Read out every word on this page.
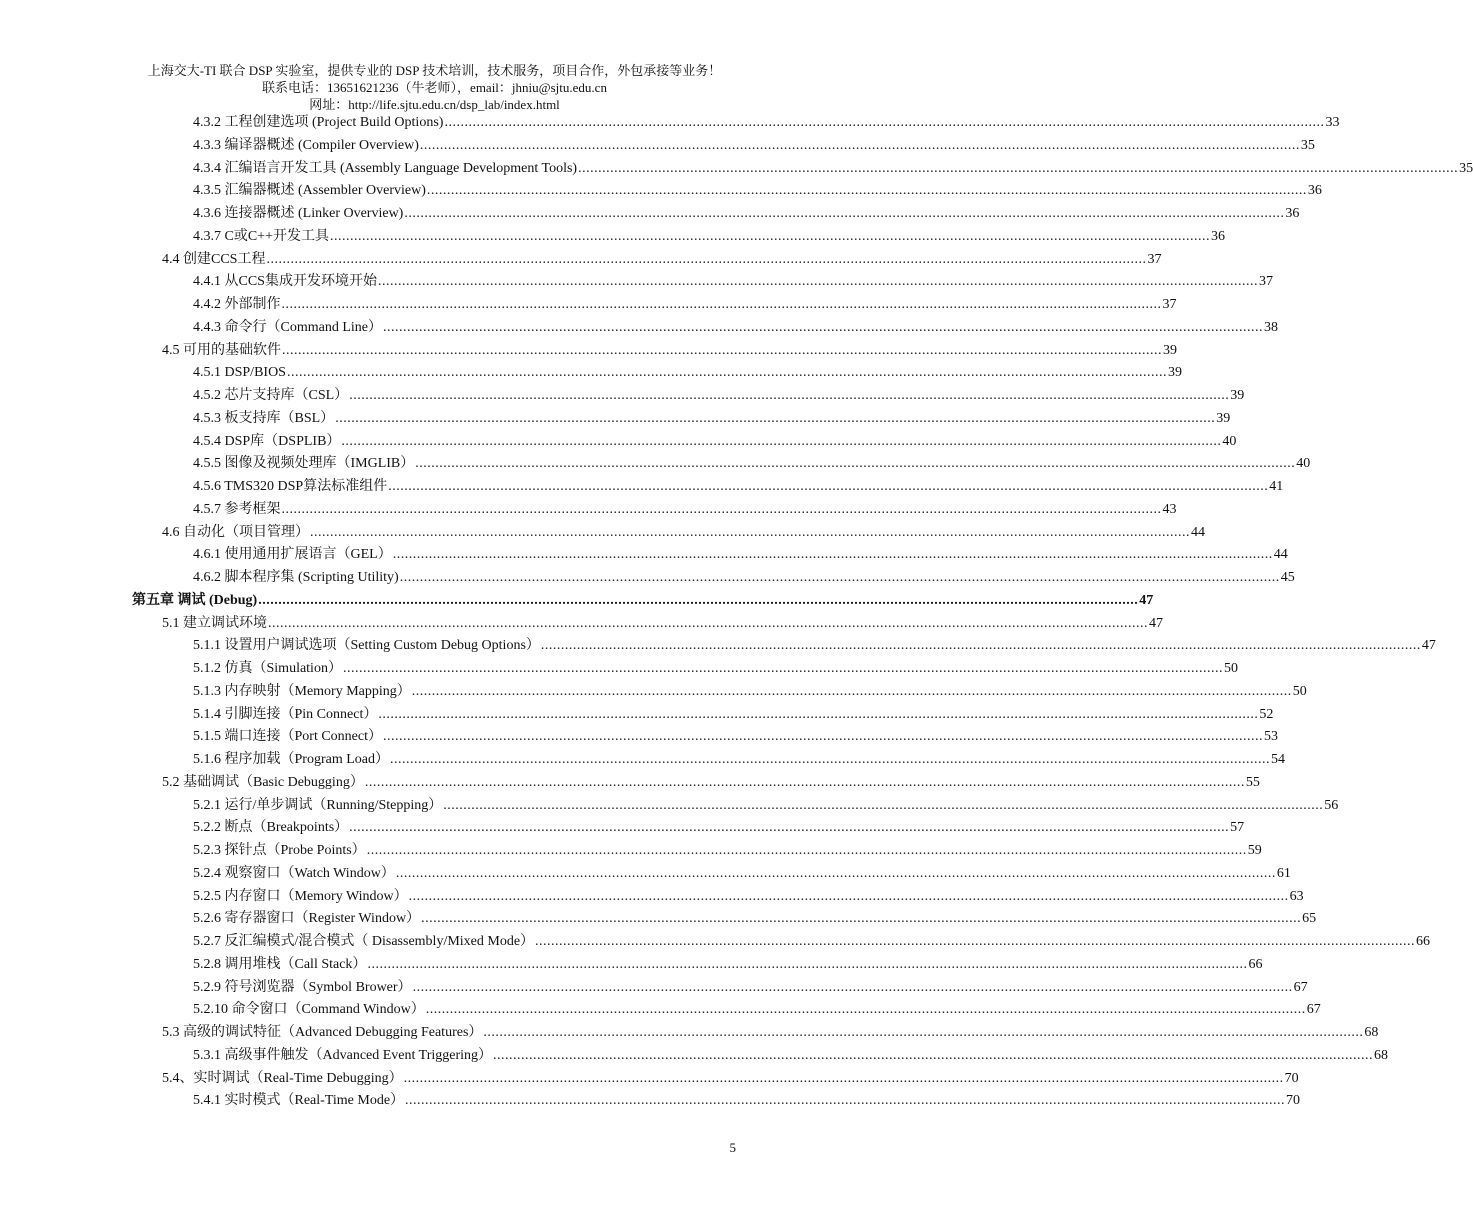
上海交大-TI 联合 DSP 实验室，提供专业的 DSP 技术培训，技术服务，项目合作，外包承接等业务！
联系电话：13651621236（牛老师），email：jhniu@sjtu.edu.cn
网址：http://life.sjtu.edu.cn/dsp_lab/index.html
4.3.2 工程创建选项 (Project Build Options) ............................................................................................................................................................................................................................ 33
4.3.3 编译器概述 (Compiler Overview) ............................................................................................................................................................................................................................ 35
4.3.4 汇编语言开发工具 (Assembly Language Development Tools) ............................................................................................................................................................................................................................ 35
4.3.5 汇编器概述 (Assembler Overview) ............................................................................................................................................................................................................................ 36
4.3.6 连接器概述 (Linker Overview) ............................................................................................................................................................................................................................ 36
4.3.7 C或C++开发工具 ............................................................................................................................................................................................................................ 36
4.4 创建CCS工程 ............................................................................................................................................................................................................................ 37
4.4.1 从CCS集成开发环境开始 ............................................................................................................................................................................................................................ 37
4.4.2 外部制作 ............................................................................................................................................................................................................................ 37
4.4.3 命令行（Command Line） ............................................................................................................................................................................................................................ 38
4.5 可用的基础软件 ............................................................................................................................................................................................................................ 39
4.5.1 DSP/BIOS ............................................................................................................................................................................................................................ 39
4.5.2 芯片支持库（CSL） ............................................................................................................................................................................................................................ 39
4.5.3 板支持库（BSL） ............................................................................................................................................................................................................................ 39
4.5.4 DSP库（DSPLIB） ............................................................................................................................................................................................................................ 40
4.5.5 图像及视频处理库（IMGLIB） ............................................................................................................................................................................................................................ 40
4.5.6 TMS320 DSP算法标准组件 ............................................................................................................................................................................................................................ 41
4.5.7 参考框架 ............................................................................................................................................................................................................................ 43
4.6 自动化（项目管理） ............................................................................................................................................................................................................................ 44
4.6.1 使用通用扩展语言（GEL） ............................................................................................................................................................................................................................ 44
4.6.2 脚本程序集 (Scripting Utility) ............................................................................................................................................................................................................................ 45
第五章 调试 (Debug) ............................................................................................................................................................................................................................ 47
5.1 建立调试环境 ............................................................................................................................................................................................................................ 47
5.1.1 设置用户调试选项（Setting Custom Debug Options） ............................................................................................................................................................................................................................ 47
5.1.2 仿真（Simulation） ............................................................................................................................................................................................................................ 50
5.1.3 内存映射（Memory Mapping） ............................................................................................................................................................................................................................ 50
5.1.4 引脚连接（Pin Connect） ............................................................................................................................................................................................................................ 52
5.1.5 端口连接（Port Connect） ............................................................................................................................................................................................................................ 53
5.1.6 程序加载（Program Load） ............................................................................................................................................................................................................................ 54
5.2 基础调试（Basic Debugging） ............................................................................................................................................................................................................................ 55
5.2.1 运行/单步调试（Running/Stepping） ............................................................................................................................................................................................................................ 56
5.2.2 断点（Breakpoints） ............................................................................................................................................................................................................................ 57
5.2.3 探针点（Probe Points） ............................................................................................................................................................................................................................ 59
5.2.4 观察窗口（Watch Window） ............................................................................................................................................................................................................................ 61
5.2.5 内存窗口（Memory Window） ............................................................................................................................................................................................................................ 63
5.2.6 寄存器窗口（Register Window） ............................................................................................................................................................................................................................ 65
5.2.7 反汇编模式/混合模式（ Disassembly/Mixed Mode） ............................................................................................................................................................................................................................ 66
5.2.8 调用堆栈（Call Stack） ............................................................................................................................................................................................................................ 66
5.2.9 符号浏览器（Symbol Brower） ............................................................................................................................................................................................................................ 67
5.2.10 命令窗口（Command Window） ............................................................................................................................................................................................................................ 67
5.3 高级的调试特征（Advanced Debugging Features） ............................................................................................................................................................................................................................ 68
5.3.1 高级事件触发（Advanced Event Triggering） ............................................................................................................................................................................................................................ 68
5.4、实时调试（Real-Time Debugging） ............................................................................................................................................................................................................................ 70
5.4.1 实时模式（Real-Time Mode） ............................................................................................................................................................................................................................ 70
5
